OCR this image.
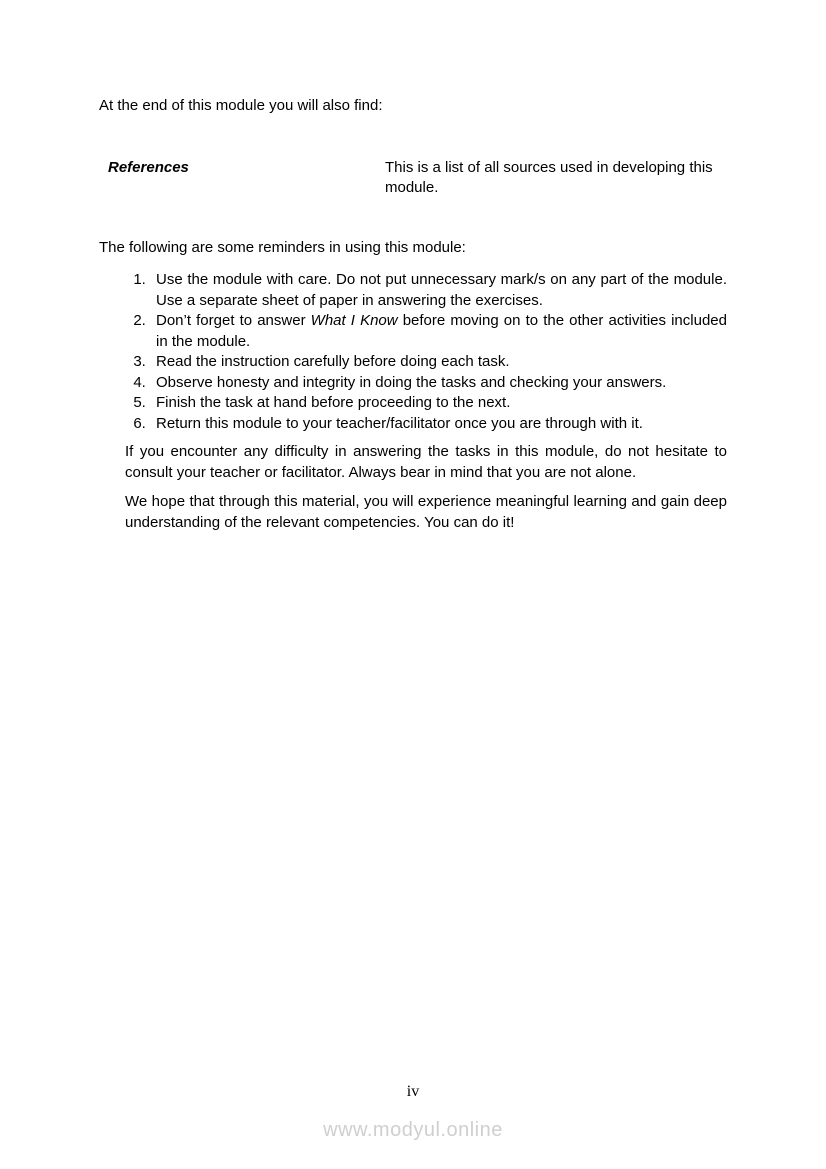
At the end of this module you will also find:

References	This is a list of all sources used in developing this module.

The following are some reminders in using this module:

1. Use the module with care. Do not put unnecessary mark/s on any part of the module. Use a separate sheet of paper in answering the exercises.
2. Don’t forget to answer What I Know before moving on to the other activities included in the module.
3. Read the instruction carefully before doing each task.
4. Observe honesty and integrity in doing the tasks and checking your answers.
5. Finish the task at hand before proceeding to the next.
6. Return this module to your teacher/facilitator once you are through with it.

If you encounter any difficulty in answering the tasks in this module, do not hesitate to consult your teacher or facilitator. Always bear in mind that you are not alone.

We hope that through this material, you will experience meaningful learning and gain deep understanding of the relevant competencies. You can do it!

iv
www.modyul.online
